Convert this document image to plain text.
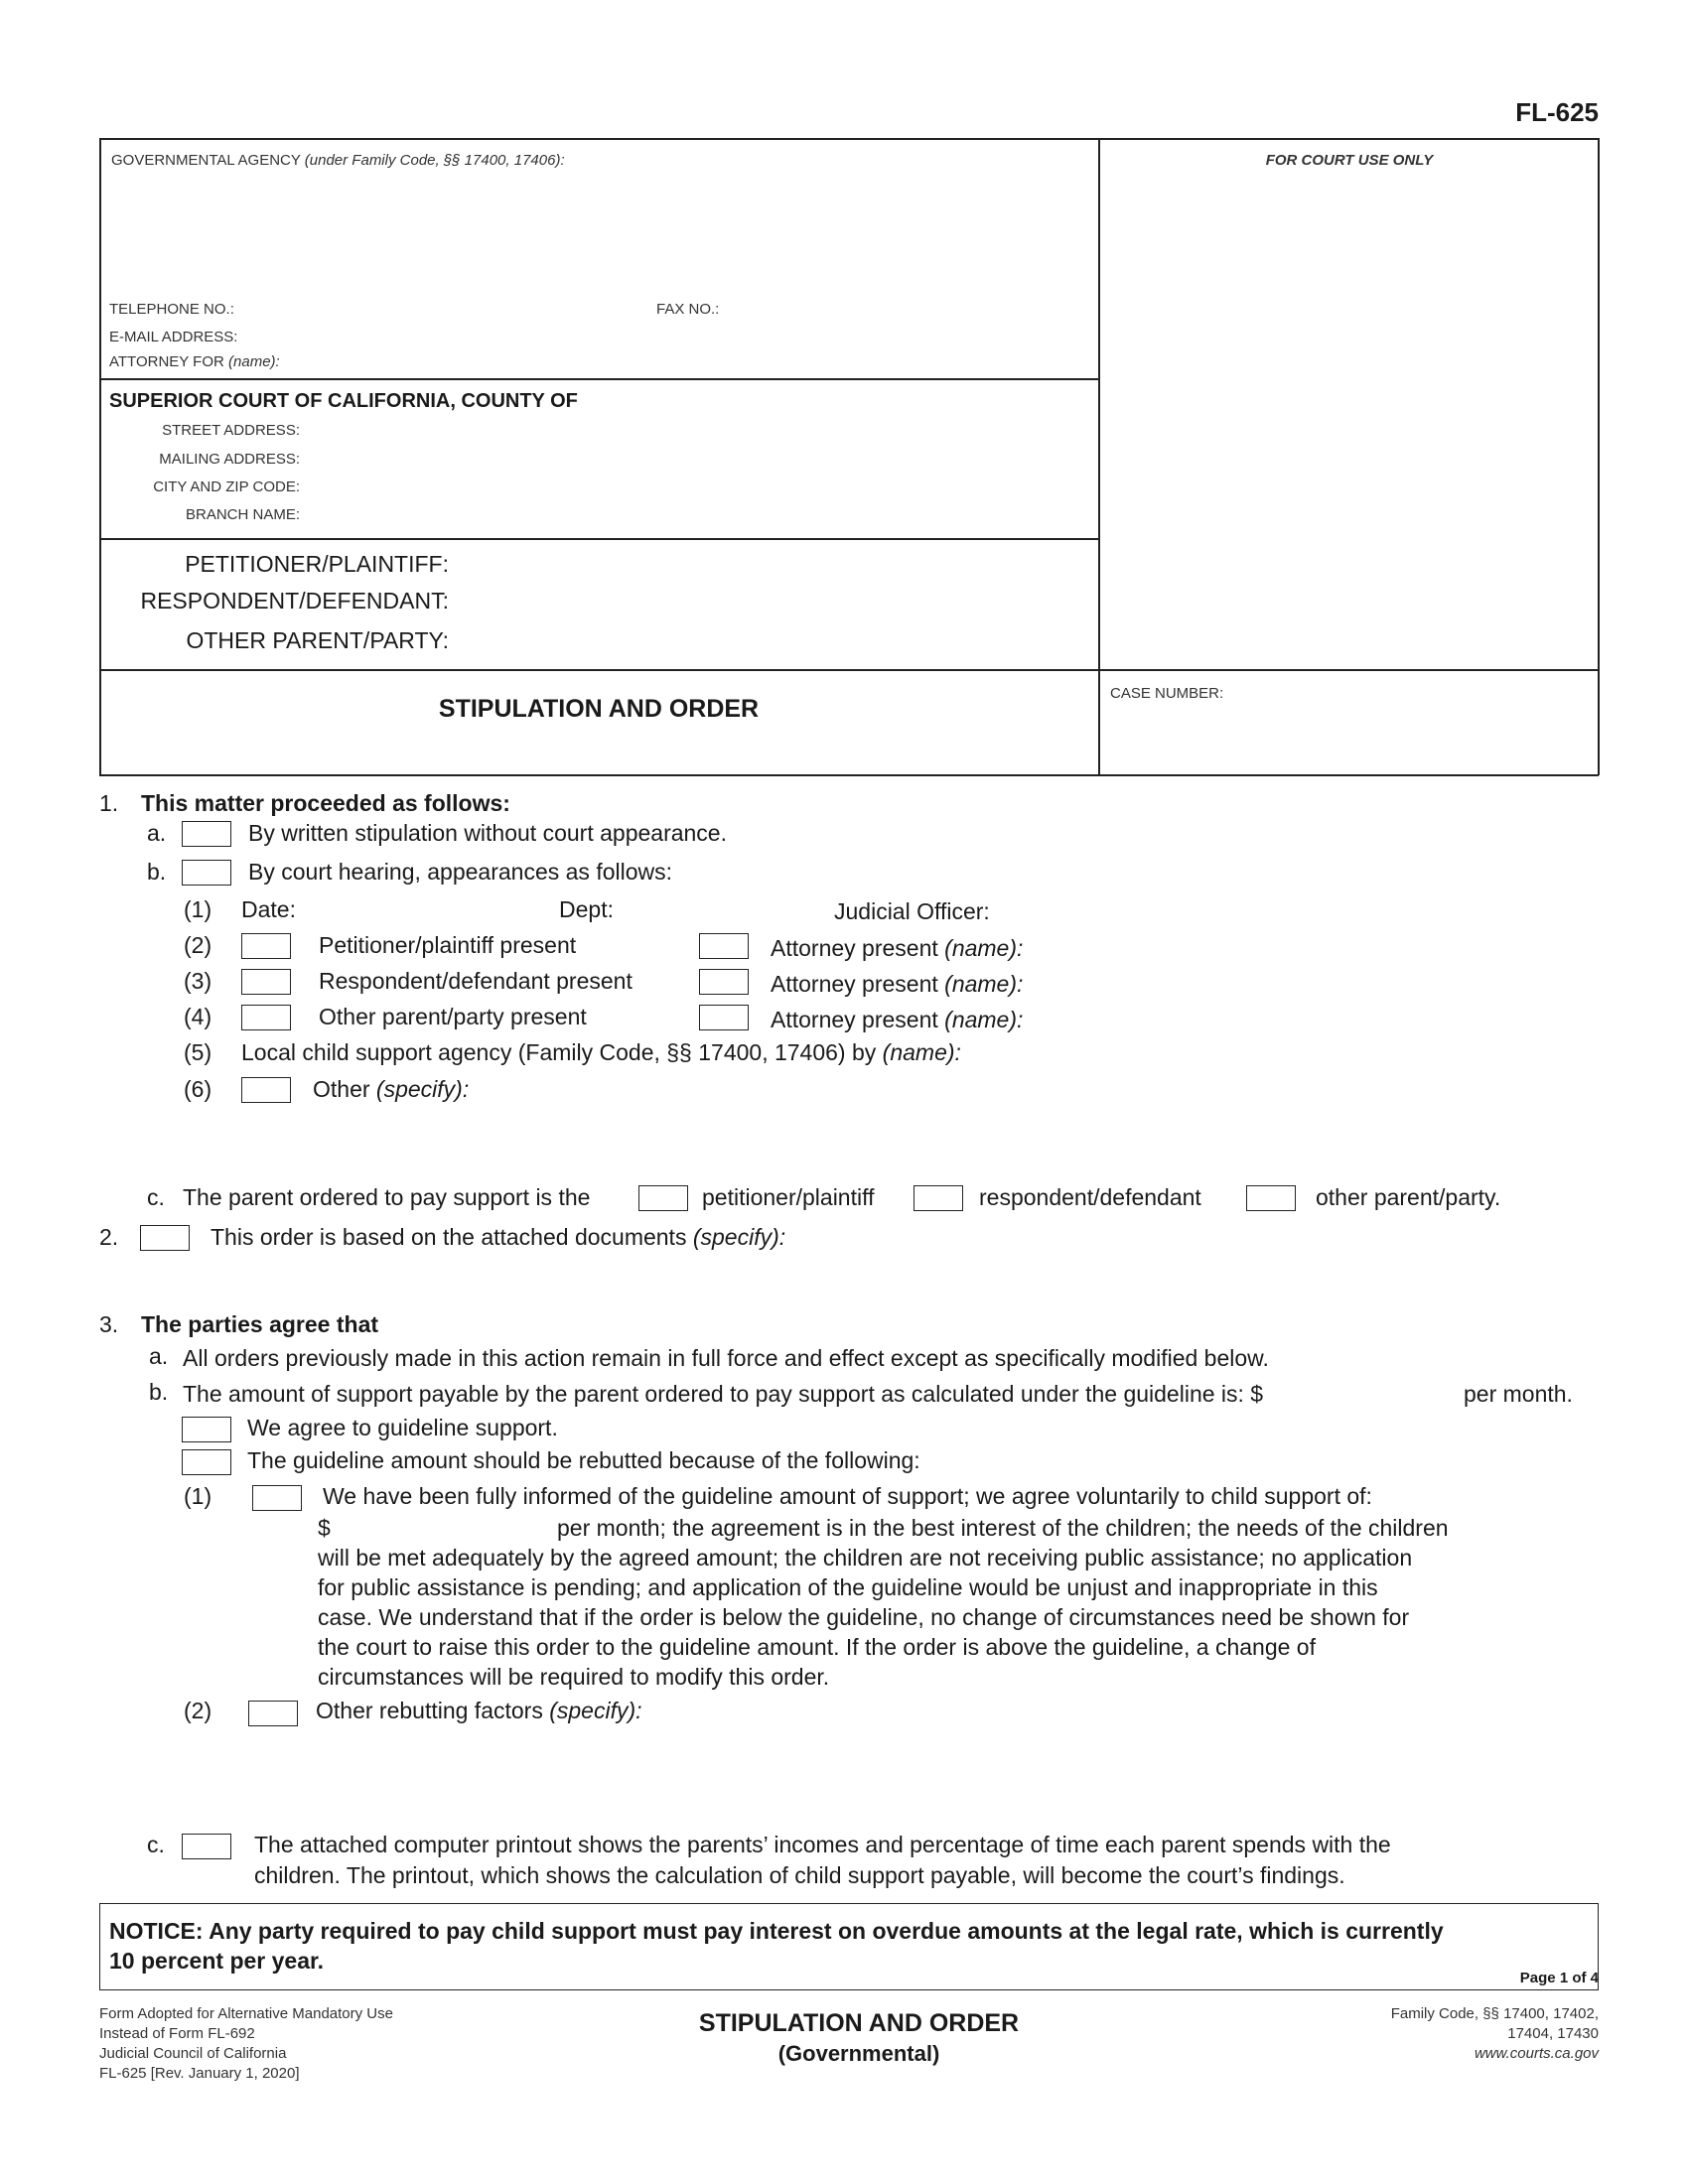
FL-625
GOVERNMENTAL AGENCY (under Family Code, §§ 17400, 17406):	FOR COURT USE ONLY
TELEPHONE NO.:	FAX NO.:
E-MAIL ADDRESS:
ATTORNEY FOR (name):
SUPERIOR COURT OF CALIFORNIA, COUNTY OF
STREET ADDRESS:
MAILING ADDRESS:
CITY AND ZIP CODE:
BRANCH NAME:
PETITIONER/PLAINTIFF:
RESPONDENT/DEFENDANT:
OTHER PARENT/PARTY:
STIPULATION AND ORDER
CASE NUMBER:
1. This matter proceeded as follows:
a.	By written stipulation without court appearance.
b.	By court hearing, appearances as follows:
(1) Date:	Dept:	Judicial Officer:
(2)	Petitioner/plaintiff present	Attorney present (name):
(3)	Respondent/defendant present	Attorney present (name):
(4)	Other parent/party present	Attorney present (name):
(5) Local child support agency (Family Code, §§ 17400, 17406) by (name):
(6)	Other (specify):
c. The parent ordered to pay support is the	petitioner/plaintiff	respondent/defendant	other parent/party.
2.	This order is based on the attached documents (specify):
3. The parties agree that
a. All orders previously made in this action remain in full force and effect except as specifically modified below.
b. The amount of support payable by the parent ordered to pay support as calculated under the guideline is: $	per month.
We agree to guideline support.
The guideline amount should be rebutted because of the following:
(1)	We have been fully informed of the guideline amount of support; we agree voluntarily to child support of:
$	per month; the agreement is in the best interest of the children; the needs of the children
will be met adequately by the agreed amount; the children are not receiving public assistance; no application
for public assistance is pending; and application of the guideline would be unjust and inappropriate in this
case. We understand that if the order is below the guideline, no change of circumstances need be shown for
the court to raise this order to the guideline amount. If the order is above the guideline, a change of
circumstances will be required to modify this order.
(2)	Other rebutting factors (specify):
c.	The attached computer printout shows the parents’ incomes and percentage of time each parent spends with the
children. The printout, which shows the calculation of child support payable, will become the court’s findings.
NOTICE: Any party required to pay child support must pay interest on overdue amounts at the legal rate, which is currently
10 percent per year.
Page 1 of 4
Form Adopted for Alternative Mandatory Use
Instead of Form FL-692
Judicial Council of California
FL-625 [Rev. January 1, 2020]
STIPULATION AND ORDER
(Governmental)
Family Code, §§ 17400, 17402,
17404, 17430
www.courts.ca.gov
